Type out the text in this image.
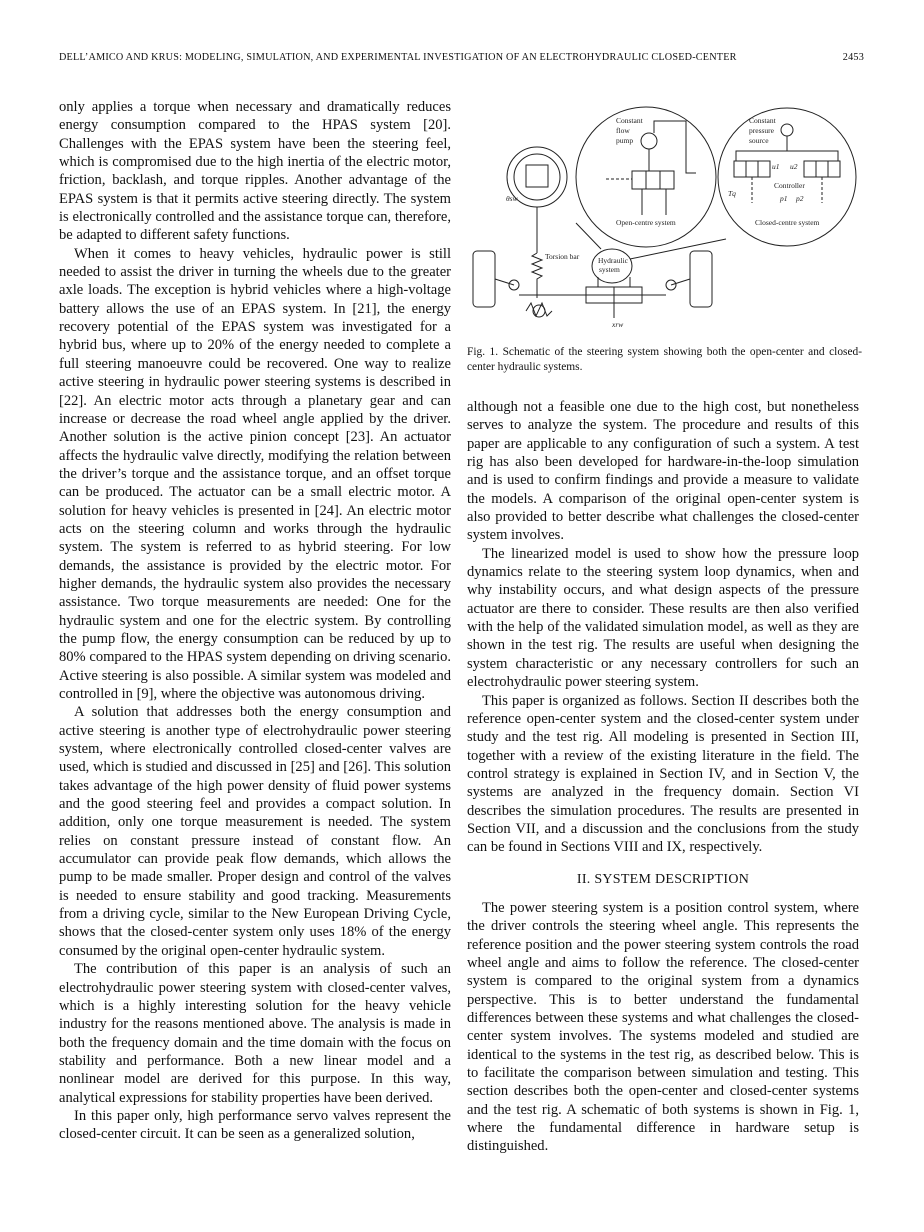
DELL’AMICO AND KRUS: MODELING, SIMULATION, AND EXPERIMENTAL INVESTIGATION OF AN ELECTROHYDRAULIC CLOSED-CENTER	2453

only applies a torque when necessary and dramatically reduces energy consumption compared to the HPAS system [20]. Challenges with the EPAS system have been the steering feel, which is compromised due to the high inertia of the electric motor, friction, backlash, and torque ripples. Another advantage of the EPAS system is that it permits active steering directly. The system is electronically controlled and the assistance torque can, therefore, be adapted to different safety functions.

When it comes to heavy vehicles, hydraulic power is still needed to assist the driver in turning the wheels due to the greater axle loads. The exception is hybrid vehicles where a high-voltage battery allows the use of an EPAS system. In [21], the energy recovery potential of the EPAS system was investigated for a hybrid bus, where up to 20% of the energy needed to complete a full steering manoeuvre could be recovered. One way to realize active steering in hydraulic power steering systems is described in [22]. An electric motor acts through a planetary gear and can increase or decrease the road wheel angle applied by the driver. Another solution is the active pinion concept [23]. An actuator affects the hydraulic valve directly, modifying the relation between the driver’s torque and the assistance torque, and an offset torque can be produced. The actuator can be a small electric motor. A solution for heavy vehicles is presented in [24]. An electric motor acts on the steering column and works through the hydraulic system. The system is referred to as hybrid steering. For low demands, the assistance is provided by the electric motor. For higher demands, the hydraulic system also provides the necessary assistance. Two torque measurements are needed: One for the hydraulic system and one for the electric system. By controlling the pump flow, the energy consumption can be reduced by up to 80% compared to the HPAS system depending on driving scenario. Active steering is also possible. A similar system was modeled and controlled in [9], where the objective was autonomous driving.

A solution that addresses both the energy consumption and active steering is another type of electrohydraulic power steering system, where electronically controlled closed-center valves are used, which is studied and discussed in [25] and [26]. This solution takes advantage of the high power density of fluid power systems and the good steering feel and provides a compact solution. In addition, only one torque measurement is needed. The system relies on constant pressure instead of constant flow. An accumulator can provide peak flow demands, which allows the pump to be made smaller. Proper design and control of the valves is needed to ensure stability and good tracking. Measurements from a driving cycle, similar to the New European Driving Cycle, shows that the closed-center system only uses 18% of the energy consumed by the original open-center hydraulic system.

The contribution of this paper is an analysis of such an electrohydraulic power steering system with closed-center valves, which is a highly interesting solution for the heavy vehicle industry for the reasons mentioned above. The analysis is made in both the frequency domain and the time domain with the focus on stability and performance. Both a new linear model and a nonlinear model are derived for this purpose. In this way, analytical expressions for stability properties have been derived.

In this paper only, high performance servo valves represent the closed-center circuit. It can be seen as a generalized solution,

Constant
flow
pump
Constant
pressure
source
Open-centre system	Closed-centre system
Controller
Torsion bar Hydraulic
system
θsw
xrw
Tq
u1 u2
p1 p2
Fig. 1. Schematic of the steering system showing both the open-center and closed-center hydraulic systems.

although not a feasible one due to the high cost, but nonetheless serves to analyze the system. The procedure and results of this paper are applicable to any configuration of such a system. A test rig has also been developed for hardware-in-the-loop simulation and is used to confirm findings and provide a measure to validate the models. A comparison of the original open-center system is also provided to better describe what challenges the closed-center system involves.

The linearized model is used to show how the pressure loop dynamics relate to the steering system loop dynamics, when and why instability occurs, and what design aspects of the pressure actuator are there to consider. These results are then also verified with the help of the validated simulation model, as well as they are shown in the test rig. The results are useful when designing the system characteristic or any necessary controllers for such an electrohydraulic power steering system.

This paper is organized as follows. Section II describes both the reference open-center system and the closed-center system under study and the test rig. All modeling is presented in Section III, together with a review of the existing literature in the field. The control strategy is explained in Section IV, and in Section V, the systems are analyzed in the frequency domain. Section VI describes the simulation procedures. The results are presented in Section VII, and a discussion and the conclusions from the study can be found in Sections VIII and IX, respectively.

II. SYSTEM DESCRIPTION

The power steering system is a position control system, where the driver controls the steering wheel angle. This represents the reference position and the power steering system controls the road wheel angle and aims to follow the reference. The closed-center system is compared to the original system from a dynamics perspective. This is to better understand the fundamental differences between these systems and what challenges the closed-center system involves. The systems modeled and studied are identical to the systems in the test rig, as described below. This is to facilitate the comparison between simulation and testing. This section describes both the open-center and closed-center systems and the test rig. A schematic of both systems is shown in Fig. 1, where the fundamental difference in hardware setup is distinguished.
